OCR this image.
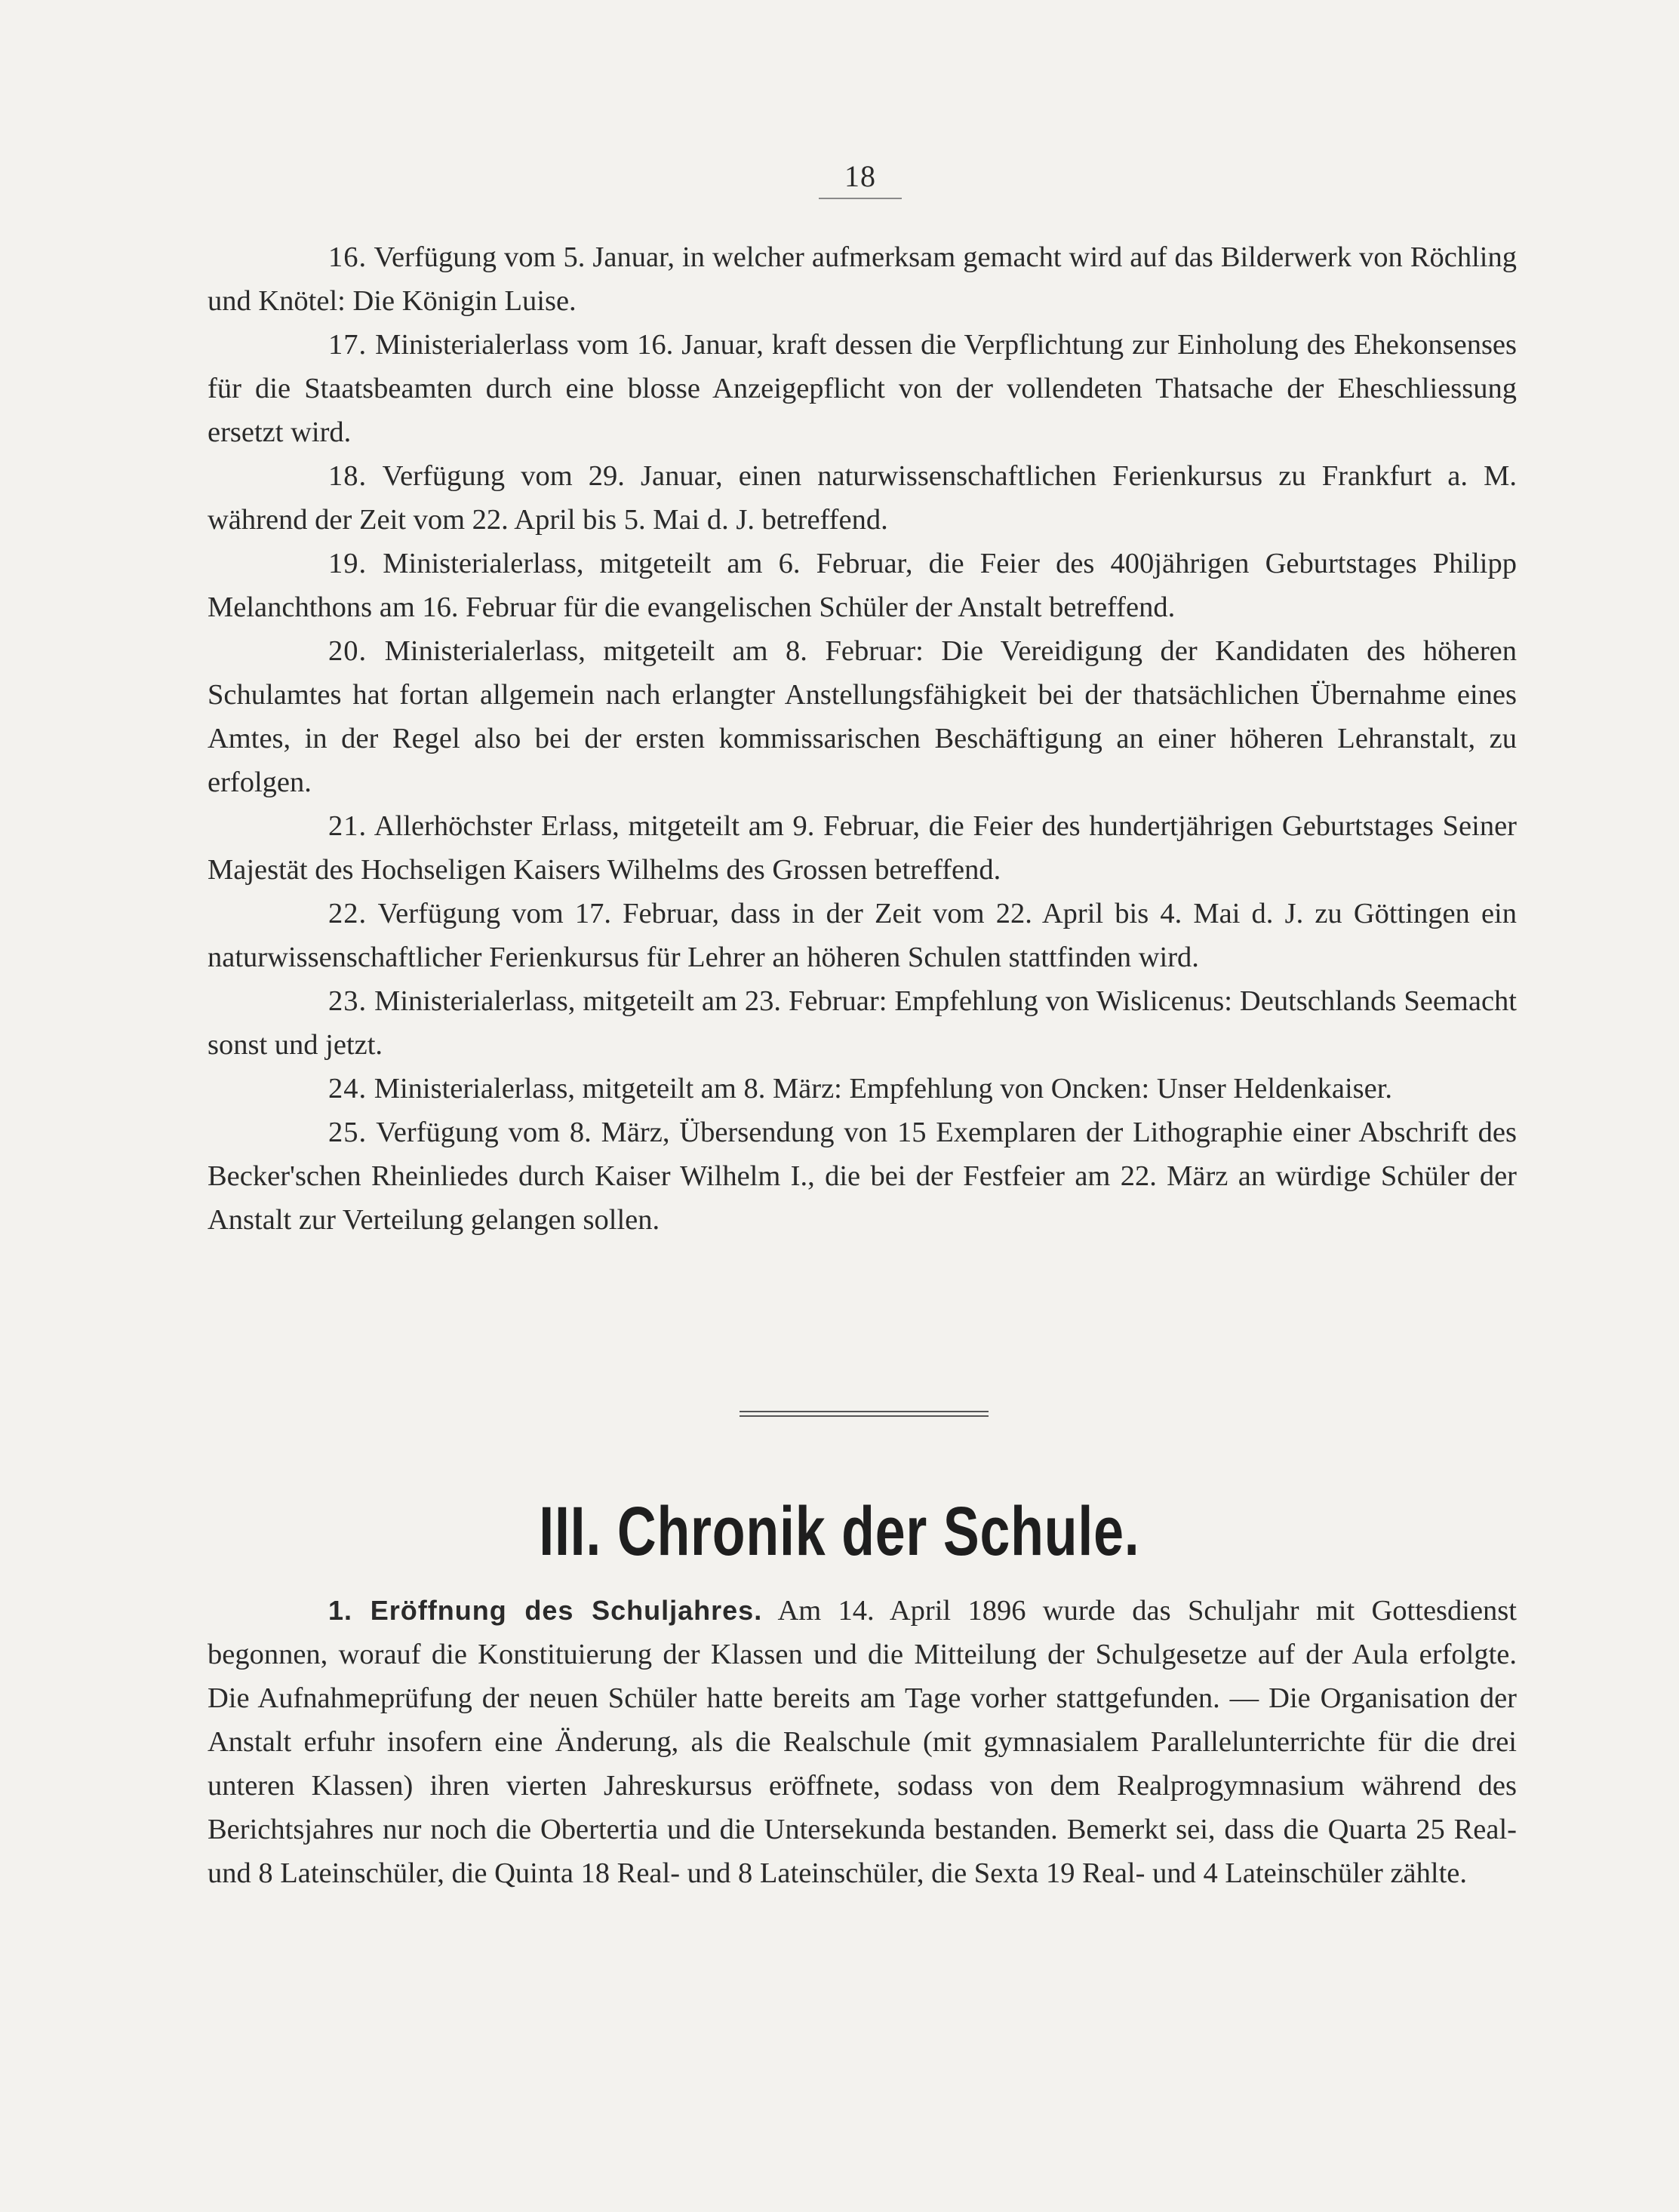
18

16. Verfügung vom 5. Januar, in welcher aufmerksam gemacht wird auf das Bilderwerk von Röchling und Knötel: Die Königin Luise.

17. Ministerialerlass vom 16. Januar, kraft dessen die Verpflichtung zur Einholung des Ehekonsenses für die Staatsbeamten durch eine blosse Anzeigepflicht von der vollendeten Thatsache der Eheschliessung ersetzt wird.

18. Verfügung vom 29. Januar, einen naturwissenschaftlichen Ferienkursus zu Frankfurt a. M. während der Zeit vom 22. April bis 5. Mai d. J. betreffend.

19. Ministerialerlass, mitgeteilt am 6. Februar, die Feier des 400jährigen Geburtstages Philipp Melanchthons am 16. Februar für die evangelischen Schüler der Anstalt betreffend.

20. Ministerialerlass, mitgeteilt am 8. Februar: Die Vereidigung der Kandidaten des höheren Schulamtes hat fortan allgemein nach erlangter Anstellungsfähigkeit bei der thatsächlichen Übernahme eines Amtes, in der Regel also bei der ersten kommissarischen Beschäftigung an einer höheren Lehranstalt, zu erfolgen.

21. Allerhöchster Erlass, mitgeteilt am 9. Februar, die Feier des hundertjährigen Geburtstages Seiner Majestät des Hochseligen Kaisers Wilhelms des Grossen betreffend.

22. Verfügung vom 17. Februar, dass in der Zeit vom 22. April bis 4. Mai d. J. zu Göttingen ein naturwissenschaftlicher Ferienkursus für Lehrer an höheren Schulen stattfinden wird.

23. Ministerialerlass, mitgeteilt am 23. Februar: Empfehlung von Wislicenus: Deutschlands Seemacht sonst und jetzt.

24. Ministerialerlass, mitgeteilt am 8. März: Empfehlung von Oncken: Unser Heldenkaiser.

25. Verfügung vom 8. März, Übersendung von 15 Exemplaren der Lithographie einer Abschrift des Becker'schen Rheinliedes durch Kaiser Wilhelm I., die bei der Festfeier am 22. März an würdige Schüler der Anstalt zur Verteilung gelangen sollen.

III. Chronik der Schule.

1. Eröffnung des Schuljahres. Am 14. April 1896 wurde das Schuljahr mit Gottesdienst begonnen, worauf die Konstituierung der Klassen und die Mitteilung der Schulgesetze auf der Aula erfolgte. Die Aufnahmeprüfung der neuen Schüler hatte bereits am Tage vorher stattgefunden. — Die Organisation der Anstalt erfuhr insofern eine Änderung, als die Realschule (mit gymnasialem Parallelunterrichte für die drei unteren Klassen) ihren vierten Jahreskursus eröffnete, sodass von dem Realprogymnasium während des Berichtsjahres nur noch die Obertertia und die Untersekunda bestanden. Bemerkt sei, dass die Quarta 25 Real- und 8 Lateinschüler, die Quinta 18 Real- und 8 Lateinschüler, die Sexta 19 Real- und 4 Lateinschüler zählte.
